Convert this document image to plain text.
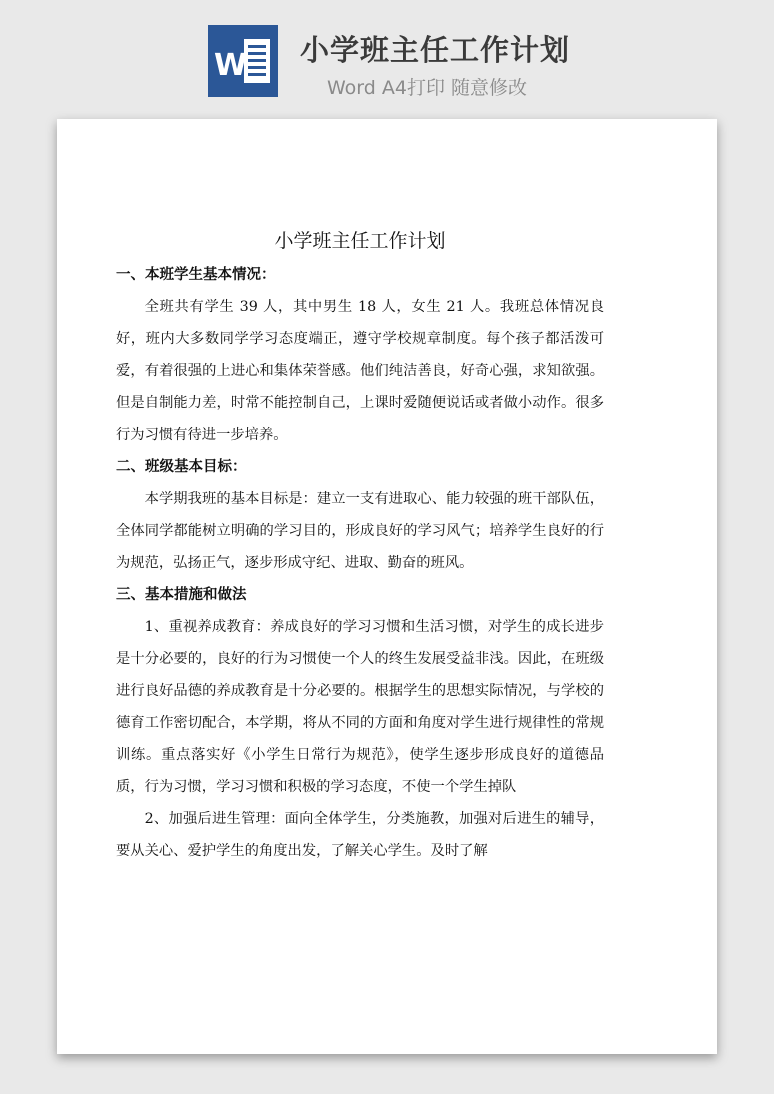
W 小学班主任工作计划
Word A4打印 随意修改
小学班主任工作计划

一、本班学生基本情况：

全班共有学生 39 人，其中男生 18 人，女生 21 人。我班总体情况良好，班内大多数同学学习态度端正，遵守学校规章制度。每个孩子都活泼可爱，有着很强的上进心和集体荣誉感。他们纯洁善良，好奇心强，求知欲强。但是自制能力差，时常不能控制自己，上课时爱随便说话或者做小动作。很多行为习惯有待进一步培养。

二、班级基本目标：

本学期我班的基本目标是：建立一支有进取心、能力较强的班干部队伍，全体同学都能树立明确的学习目的，形成良好的学习风气；培养学生良好的行为规范，弘扬正气，逐步形成守纪、进取、勤奋的班风。

三、基本措施和做法

1、重视养成教育：养成良好的学习习惯和生活习惯，对学生的成长进步是十分必要的，良好的行为习惯使一个人的终生发展受益非浅。因此，在班级进行良好品德的养成教育是十分必要的。根据学生的思想实际情况，与学校的德育工作密切配合，本学期，将从不同的方面和角度对学生进行规律性的常规训练。重点落实好《小学生日常行为规范》，使学生逐步形成良好的道德品质，行为习惯，学习习惯和积极的学习态度，不使一个学生掉队

2、加强后进生管理：面向全体学生，分类施教，加强对后进生的辅导，要从关心、爱护学生的角度出发，了解关心学生。及时了解
